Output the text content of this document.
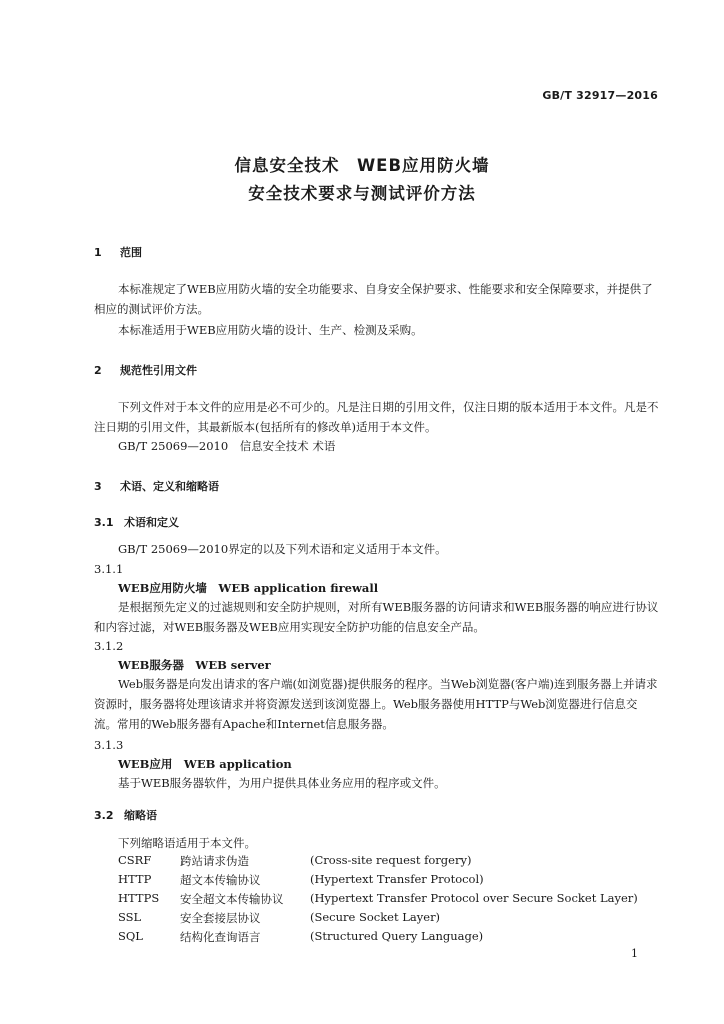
GB/T 32917—2016
信息安全技术　WEB应用防火墙
安全技术要求与测试评价方法
1 范围
本标准规定了WEB应用防火墙的安全功能要求、自身安全保护要求、性能要求和安全保障要求，并提供了相应的测试评价方法。
本标准适用于WEB应用防火墙的设计、生产、检测及采购。
2 规范性引用文件
下列文件对于本文件的应用是必不可少的。凡是注日期的引用文件，仅注日期的版本适用于本文件。凡是不注日期的引用文件，其最新版本(包括所有的修改单)适用于本文件。
GB/T 25069—2010　信息安全技术 术语
3 术语、定义和缩略语
3.1 术语和定义
GB/T 25069—2010界定的以及下列术语和定义适用于本文件。
3.1.1
WEB应用防火墙　WEB application firewall
是根据预先定义的过滤规则和安全防护规则，对所有WEB服务器的访问请求和WEB服务器的响应进行协议和内容过滤，对WEB服务器及WEB应用实现安全防护功能的信息安全产品。
3.1.2
WEB服务器　WEB server
Web服务器是向发出请求的客户端(如浏览器)提供服务的程序。当Web浏览器(客户端)连到服务器上并请求资源时，服务器将处理该请求并将资源发送到该浏览器上。Web服务器使用HTTP与Web浏览器进行信息交流。常用的Web服务器有Apache和Internet信息服务器。
3.1.3
WEB应用　WEB application
基于WEB服务器软件，为用户提供具体业务应用的程序或文件。
3.2 缩略语
下列缩略语适用于本文件。
CSRF 跨站请求伪造	(Cross-site request forgery)
HTTP 超文本传输协议	(Hypertext Transfer Protocol)
HTTPS 安全超文本传输协议 (Hypertext Transfer Protocol over Secure Socket Layer)
SSL	安全套接层协议	(Secure Socket Layer)
SQL	结构化查询语言	(Structured Query Language)
1
